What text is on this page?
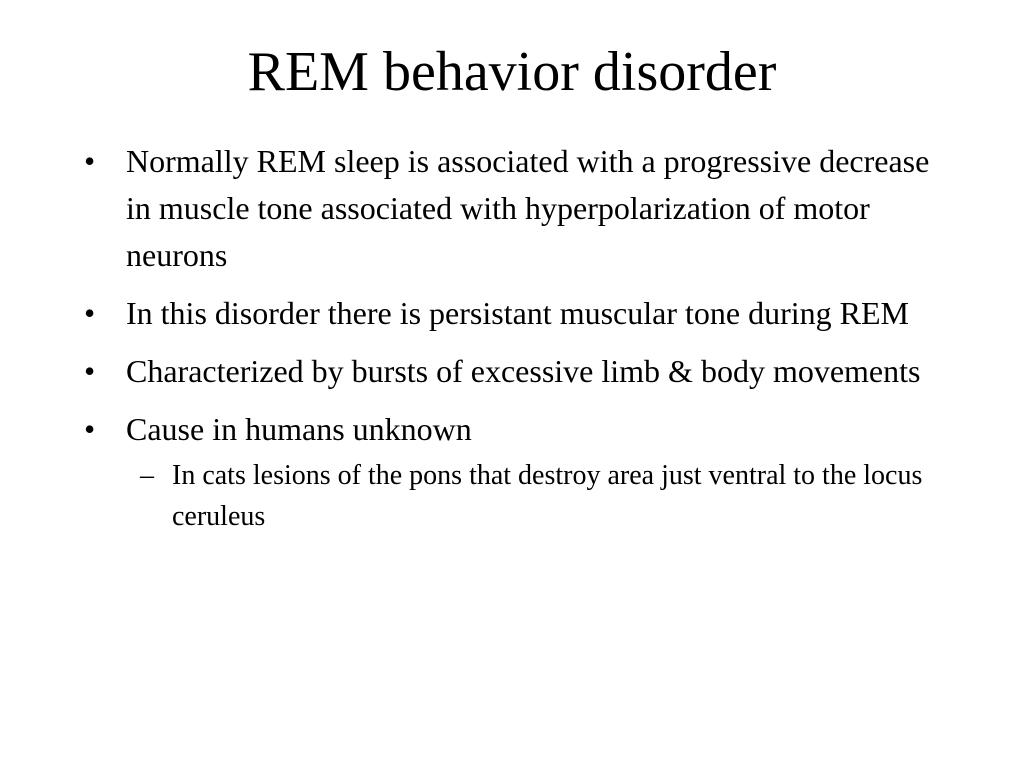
REM behavior disorder
• Normally REM sleep is associated with a progressive decrease in muscle tone associated with hyperpolarization of motor neurons
• In this disorder there is persistant muscular tone during REM
• Characterized by bursts of excessive limb & body movements
• Cause in humans unknown
– In cats lesions of the pons that destroy area just ventral to the locus ceruleus
